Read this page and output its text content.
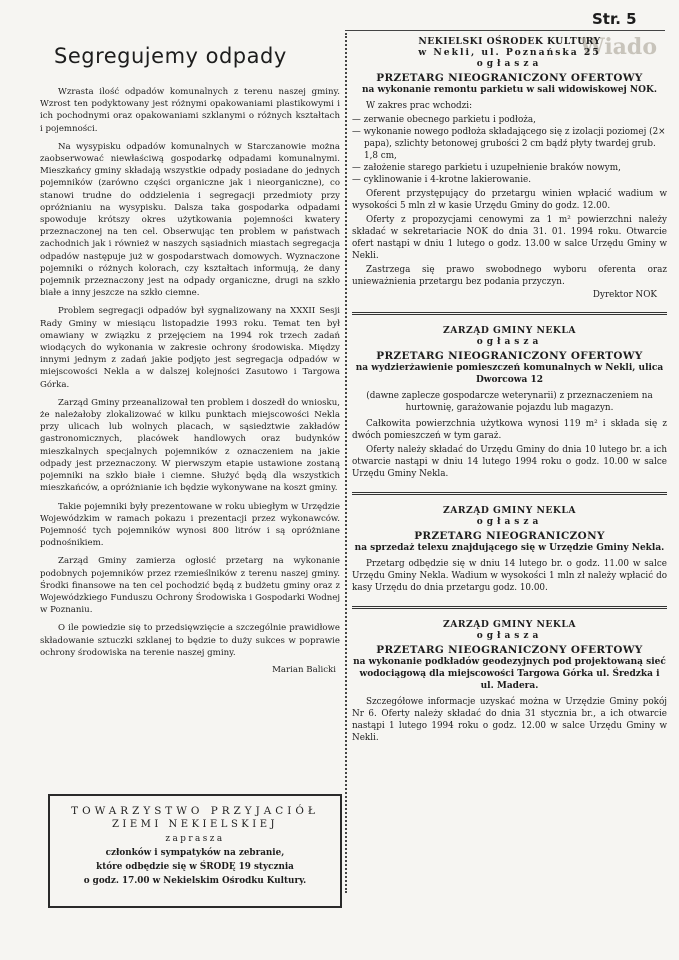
Str. 5
Wiado
Segregujemy odpady

Wzrasta ilość odpadów komunalnych z terenu naszej gminy. Wzrost ten podyktowany jest różnymi opakowaniami plastikowymi i ich pochodnymi oraz opakowaniami szklanymi o różnych kształtach i pojemności.

Na wysypisku odpadów komunalnych w Starczanowie można zaobserwować niewłaściwą gospodarkę odpadami komunalnymi. Mieszkańcy gminy składają wszystkie odpady posiadane do jednych pojemników (zarówno części organiczne jak i nieorganiczne), co stanowi trudne do oddzielenia i segregacji przedmioty przy opróżnianiu na wysypisku. Dalsza taka gospodarka odpadami spowoduje krótszy okres użytkowania pojemności kwatery przeznaczonej na ten cel. Obserwując ten problem w państwach zachodnich jak i również w naszych sąsiadnich miastach segregacja odpadów następuje już w gospodarstwach domowych. Wyznaczone pojemniki o różnych kolorach, czy kształtach informują, że dany pojemnik przeznaczony jest na odpady organiczne, drugi na szkło białe a inny jeszcze na szkło ciemne.

Problem segregacji odpadów był sygnalizowany na XXXII Sesji Rady Gminy w miesiącu listopadzie 1993 roku. Temat ten był omawiany w związku z przejęciem na 1994 rok trzech zadań wiodących do wykonania w zakresie ochrony środowiska. Między innymi jednym z zadań jakie podjęto jest segregacja odpadów w miejscowości Nekla a w dalszej kolejności Zasutowo i Targowa Górka.

Zarząd Gminy przeanalizował ten problem i doszedł do wniosku, że należałoby zlokalizować w kilku punktach miejscowości Nekla przy ulicach lub wolnych placach, w sąsiedztwie zakładów gastronomicznych, placówek handlowych oraz budynków mieszkalnych specjalnych pojemników z oznaczeniem na jakie odpady jest przeznaczony. W pierwszym etapie ustawione zostaną pojemniki na szkło białe i ciemne. Służyć będą dla wszystkich mieszkańców, a opróżnianie ich będzie wykonywane na koszt gminy.

Takie pojemniki były prezentowane w roku ubiegłym w Urzędzie Wojewódzkim w ramach pokazu i prezentacji przez wykonawców. Pojemność tych pojemników wynosi 800 litrów i są opróżniane podnośnikiem.

Zarząd Gminy zamierza ogłosić przetarg na wykonanie podobnych pojemników przez rzemieślników z terenu naszej gminy. Środki finansowe na ten cel pochodzić będą z budżetu gminy oraz z Wojewódzkiego Funduszu Ochrony Środowiska i Gospodarki Wodnej w Poznaniu.

O ile powiedzie się to przedsięwzięcie a szczególnie prawidłowe składowanie sztuczki szklanej to będzie to duży sukces w poprawie ochrony środowiska na terenie naszej gminy.

Marian Balicki
TOWARZYSTWO PRZYJACIÓŁ
ZIEMI NEKIELSKIEJ
zaprasza
członków i sympatyków na zebranie,
które odbędzie się w ŚRODĘ 19 stycznia
o godz. 17.00 w Nekielskim Ośrodku Kultury.
NEKIELSKI OŚRODEK KULTURY
w Nekli, ul. Poznańska 25
ogłasza
PRZETARG NIEOGRANICZONY OFERTOWY
na wykonanie remontu parkietu w sali widowiskowej NOK.

W zakres prac wchodzi:

— zerwanie obecnego parkietu i podłoża,
— wykonanie nowego podłoża składającego się z izolacji poziomej (2× papa), szlichty betonowej grubości 2 cm bądź płyty twardej grub. 1,8 cm,
— założenie starego parkietu i uzupełnienie braków nowym,
— cyklinowanie i 4-krotne lakierowanie.

Oferent przystępujący do przetargu winien wpłacić wadium w wysokości 5 mln zł w kasie Urzędu Gminy do godz. 12.00.

Oferty z propozycjami cenowymi za 1 m² powierzchni należy składać w sekretariacie NOK do dnia 31. 01. 1994 roku. Otwarcie ofert nastąpi w dniu 1 lutego o godz. 13.00 w salce Urzędu Gminy w Nekli.

Zastrzega się prawo swobodnego wyboru oferenta oraz unieważnienia przetargu bez podania przyczyn.

Dyrektor NOK
ZARZĄD GMINY NEKLA
ogłasza
PRZETARG NIEOGRANICZONY OFERTOWY
na wydzierżawienie pomieszczeń komunalnych w Nekli, ulica Dworcowa 12
(dawne zaplecze gospodarcze weterynarii) z przeznaczeniem na hurtownię, garażowanie pojazdu lub magazyn.

Całkowita powierzchnia użytkowa wynosi 119 m² i składa się z dwóch pomieszczeń w tym garaż.

Oferty należy składać do Urzędu Gminy do dnia 10 lutego br. a ich otwarcie nastąpi w dniu 14 lutego 1994 roku o godz. 10.00 w salce Urzędu Gminy Nekla.

ZARZĄD GMINY NEKLA
ogłasza
PRZETARG NIEOGRANICZONY
na sprzedaż telexu znajdującego się w Urzędzie Gminy Nekla.

Przetarg odbędzie się w dniu 14 lutego br. o godz. 11.00 w salce Urzędu Gminy Nekla. Wadium w wysokości 1 mln zł należy wpłacić do kasy Urzędu do dnia przetargu godz. 10.00.

ZARZĄD GMINY NEKLA
ogłasza
PRZETARG NIEOGRANICZONY OFERTOWY
na wykonanie podkładów geodezyjnych pod projektowaną sieć wodociągową dla miejscowości Targowa Górka ul. Średzka i ul. Madera.

Szczegółowe informacje uzyskać można w Urzędzie Gminy pokój Nr 6. Oferty należy składać do dnia 31 stycznia br., a ich otwarcie nastąpi 1 lutego 1994 roku o godz. 12.00 w salce Urzędu Gminy w Nekli.
